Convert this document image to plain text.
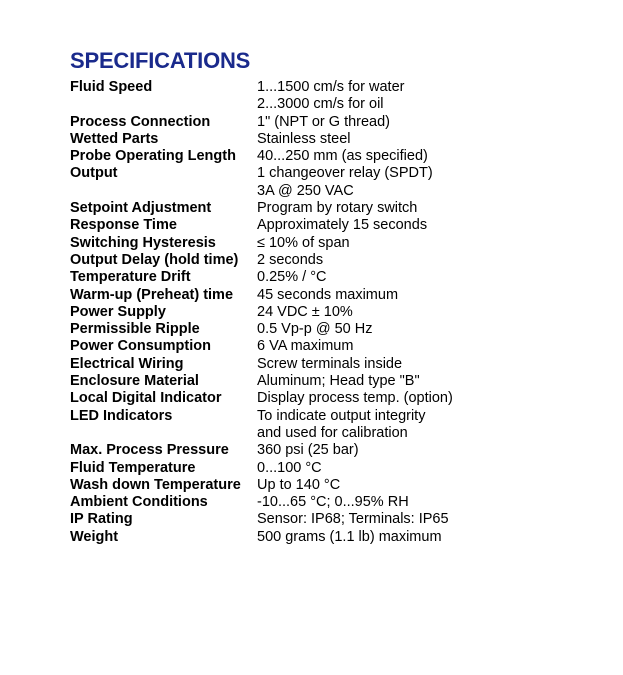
SPECIFICATIONS
Fluid Speed	1...1500 cm/s for water
2...3000 cm/s for oil
Process Connection	1" (NPT or G thread)
Wetted Parts	Stainless steel
Probe Operating Length	40...250 mm (as specified)
Output	1 changeover relay (SPDT)
3A @ 250 VAC
Setpoint Adjustment	Program by rotary switch
Response Time	Approximately 15 seconds
Switching Hysteresis	≤ 10% of span
Output Delay (hold time)	2 seconds
Temperature Drift	0.25% / °C
Warm-up (Preheat) time	45 seconds maximum
Power Supply	24 VDC ± 10%
Permissible Ripple	0.5 Vp-p @ 50 Hz
Power Consumption	6 VA maximum
Electrical Wiring	Screw terminals inside
Enclosure Material	Aluminum; Head type "B"
Local Digital Indicator	Display process temp. (option)
LED Indicators	To indicate output integrity
and used for calibration
Max. Process Pressure	360 psi (25 bar)
Fluid Temperature	0...100 °C
Wash down Temperature	Up to 140 °C
Ambient Conditions	-10...65 °C; 0...95% RH
IP Rating	Sensor: IP68; Terminals: IP65
Weight	500 grams (1.1 lb) maximum
